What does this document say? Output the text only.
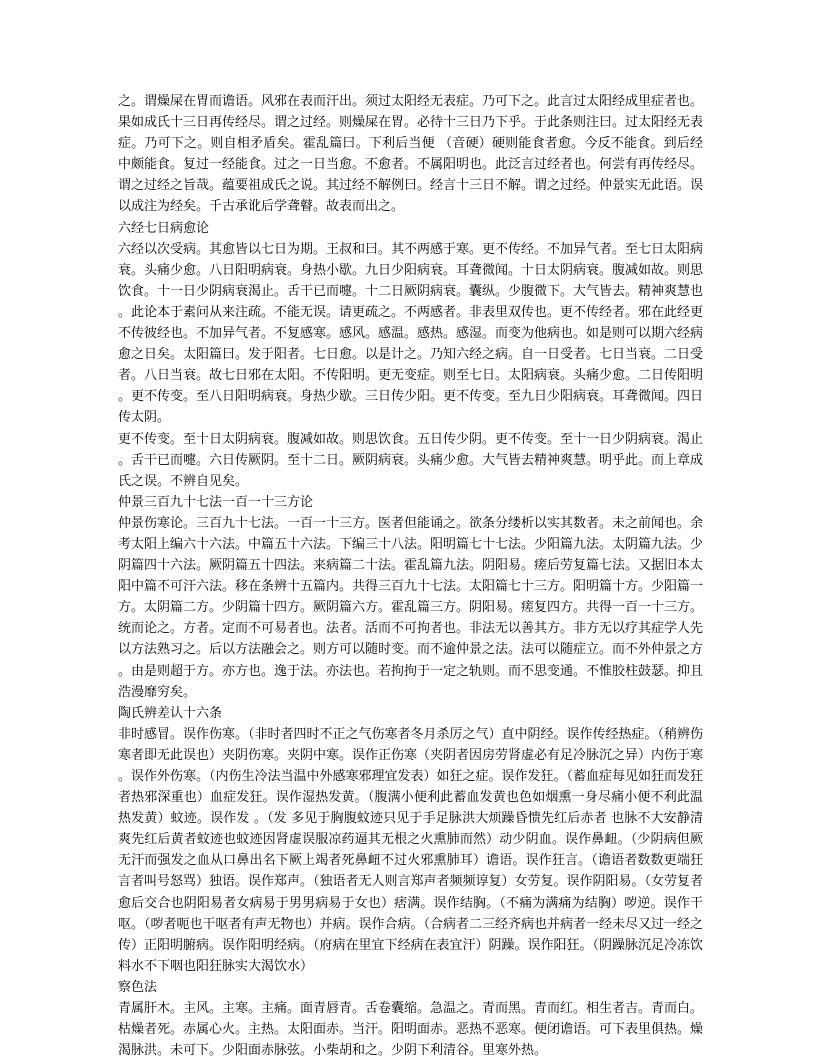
之。谓燥屎在胃而谵语。风邪在表而汗出。须过太阳经无表症。乃可下之。此言过太阳经成里症者也。果如成氏十三日再传经尽。谓之过经。则燥屎在胃。必待十三日乃下乎。于此条则注曰。过太阳经无表症。乃可下之。则自相矛盾矣。霍乱篇曰。下利后当便 （音硬）硬则能食者愈。今反不能食。到后经中颇能食。复过一经能食。过之一日当愈。不愈者。不属阳明也。此泛言过经者也。何尝有再传经尽。谓之过经之旨哉。蕴要祖成氏之说。其过经不解例曰。经言十三日不解。谓之过经。仲景实无此语。误以成注为经矣。千古承讹后学聋瞽。故表而出之。

六经七日病愈论

六经以次受病。其愈皆以七日为期。王叔和曰。其不两感于寒。更不传经。不加异气者。至七日太阳病衰。头痛少愈。八日阳明病衰。身热小歇。九日少阳病衰。耳聋微闻。十日太阴病衰。腹减如故。则思饮食。十一日少阴病衰渴止。舌干已而嚏。十二日厥阴病衰。囊纵。少腹微下。大气皆去。精神爽慧也。此论本于素问从来注疏。不能无误。请更疏之。不两感者。非表里双传也。更不传经者。邪在此经更不传彼经也。不加异气者。不复感寒。感风。感温。感热。感湿。而变为他病也。如是则可以期六经病愈之日矣。太阳篇曰。发于阳者。七日愈。以是计之。乃知六经之病。自一日受者。七日当衰。二日受者。八日当衰。故七日邪在太阳。不传阳明。更无变症。则至七日。太阳病衰。头痛少愈。二日传阳明。更不传变。至八日阳明病衰。身热少歇。三日传少阳。更不传变。至九日少阳病衰。耳聋微闻。四日传太阴。

更不传变。至十日太阴病衰。腹减如故。则思饮食。五日传少阴。更不传变。至十一日少阴病衰。渴止。舌干已而嚏。六日传厥阴。至十二日。厥阴病衰。头痛少愈。大气皆去精神爽慧。明乎此。而上章成氏之误。不辨自见矣。

仲景三百九十七法一百一十三方论

仲景伤寒论。三百九十七法。一百一十三方。医者但能诵之。欲条分缕析以实其数者。未之前闻也。余考太阳上编六十六法。中篇五十六法。下编三十八法。阳明篇七十七法。少阳篇九法。太阴篇九法。少阴篇四十六法。厥阴篇五十四法。来病篇二十法。霍乱篇九法。阴阳易。瘥后劳复篇七法。又据旧本太阳中篇不可汗六法。移在条辨十五篇内。共得三百九十七法。太阳篇七十三方。阳明篇十方。少阳篇一方。太阴篇二方。少阴篇十四方。厥阴篇六方。霍乱篇三方。阴阳易。瘥复四方。共得一百一十三方。统而论之。方者。定而不可易者也。法者。活而不可拘者也。非法无以善其方。非方无以疗其症学人先以方法熟习之。后以方法融会之。则方可以随时变。而不逾仲景之法。法可以随症立。而不外仲景之方。由是则超于方。亦方也。逸于法。亦法也。若拘拘于一定之轨则。而不思变通。不惟胶柱鼓瑟。抑且浩漫靡穷矣。

陶氏辨差认十六条

非时感冒。误作伤寒。（非时者四时不正之气伤寒者冬月杀厉之气）直中阴经。误作传经热症。（稍辨伤寒者即无此误也）夹阴伤寒。夹阴中寒。误作正伤寒（夹阴者因房劳肾虚必有足冷脉沉之异）内伤于寒。误作外伤寒。（内伤生冷法当温中外感寒邪理宜发表）如狂之症。误作发狂。（蓄血症每见如狂而发狂者热邪深重也）血症发狂。误作湿热发黄。（腹满小便利此蓄血发黄也色如烟熏一身尽痛小便不利此温热发黄）蚊迹。误作发 。（发 多见于胸腹蚊迹只见于手足脉洪大烦躁昏愦先红后赤者 也脉不大安静清爽先红后黄者蚊迹也蚊迹因肾虚误服凉药逼其无根之火熏肺而然）动少阴血。误作鼻衄。（少阴病但厥无汗而强发之血从口鼻出名下厥上竭者死鼻衄不过火邪熏肺耳）谵语。误作狂言。（谵语者数数更端狂言者叫号怒骂）独语。误作郑声。（独语者无人则言郑声者频频谆复）女劳复。误作阴阳易。（女劳复者愈后交合也阴阳易者女病易于男男病易于女也）痞满。误作结胸。（不痛为满痛为结胸）哕逆。误作干呕。（哕者呃也干呕者有声无物也）并病。误作合病。（合病者二三经齐病也并病者一经未尽又过一经之传）正阳明腑病。误作阳明经病。（府病在里宜下经病在表宜汗）阴躁。误作阳狂。（阴躁脉沉足冷冻饮料水不下咽也阳狂脉实大渴饮水）

察色法

青属肝木。主风。主寒。主痛。面青唇青。舌卷囊缩。急温之。青而黑。青而红。相生者吉。青而白。枯燥者死。赤属心火。主热。太阳面赤。当汗。阳明面赤。恶热不恶寒。便闭谵语。可下表里俱热。燥渴脉洪。未可下。少阳面赤脉弦。小柴胡和之。少阴下利清谷。里寒外热。
